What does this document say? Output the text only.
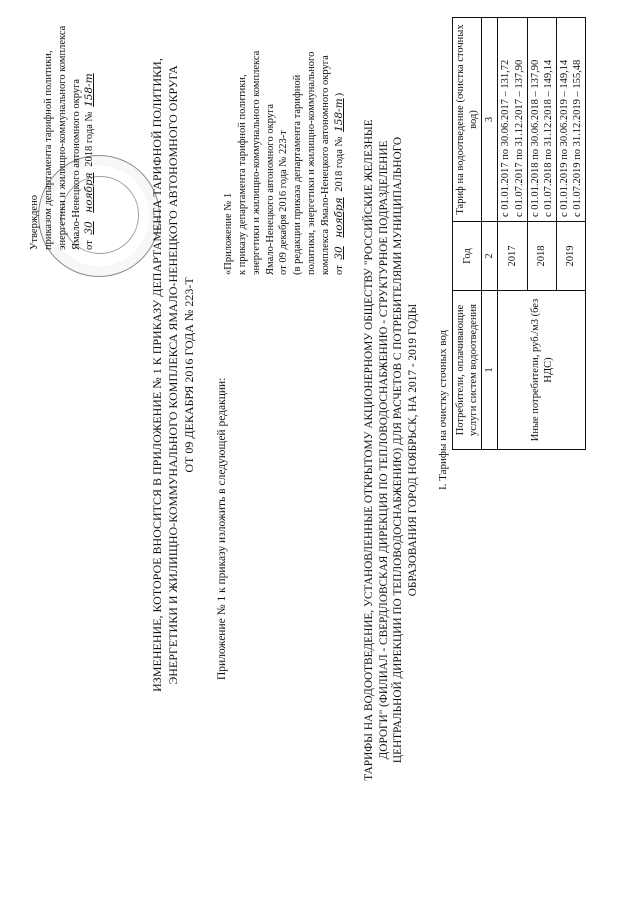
Утверждено приказом департамента тарифной политики, энергетики и жилищно-коммунального комплекса Ямало-Ненецкого автономного округа от 30 ноября 2018 года № 158-т	ИЗМЕНЕНИЕ, КОТОРОЕ ВНОСИТСЯ В ПРИЛОЖЕНИЕ № 1 К ПРИКАЗУ ДЕПАРТАМЕНТА ТАРИФНОЙ ПОЛИТИКИ, ЭНЕРГЕТИКИ И ЖИЛИЩНО-КОММУНАЛЬНОГО КОМПЛЕКСА ЯМАЛО-НЕНЕЦКОГО АВТОНОМНОГО ОКРУГА ОТ 09 ДЕКАБРЯ 2016 ГОДА № 223-Т
Приложение № 1 к приказу изложить в следующей редакции:
«Приложение № 1 к приказу департамента тарифной политики, энергетики и жилищно-коммунального комплекса Ямало-Ненецкого автономного округа от 09 декабря 2016 года № 223-т (в редакции приказа департамента тарифной политики, энергетики и жилищно-коммунального комплекса Ямало-Ненецкого автономного округа от 30 ноября 2018 года № 158-т)
ТАРИФЫ НА ВОДООТВЕДЕНИЕ, УСТАНОВЛЕННЫЕ ОТКРЫТОМУ АКЦИОНЕРНОМУ ОБЩЕСТВУ "РОССИЙСКИЕ ЖЕЛЕЗНЫЕ ДОРОГИ" (ФИЛИАЛ - СВЕРДЛОВСКАЯ ДИРЕКЦИЯ ПО ТЕПЛОВОДОСНАБЖЕНИЮ - СТРУКТУРНОЕ ПОДРАЗДЕЛЕНИЕ ЦЕНТРАЛЬНОЙ ДИРЕКЦИИ ПО ТЕПЛОВОДОСНАБЖЕНИЮ) ДЛЯ РАСЧЕТОВ С ПОТРЕБИТЕЛЯМИ МУНИЦИПАЛЬНОГО ОБРАЗОВАНИЯ ГОРОД НОЯБРЬСК, НА 2017 - 2019 ГОДЫ I. Тарифы на очистку сточных вод Потребители, оплачивающие услуги систем водоотведения	Год	Тариф на водоотведение (очистка сточных вод)
1	2	3
Иные потребители, руб./м3 (без НДС)	2017	с 01.01.2017 по 30.06.2017 – 131,72 с 01.07.2017 по 31.12.2017 – 137,90

	2018	с 01.01.2018 по 30.06.2018 – 137,90 с 01.07.2018 по 31.12.2018 – 149,14

	2019	с 01.01.2019 по 30.06.2019 – 149,14 с 01.07.2019 по 31.12.2019 – 155,48
